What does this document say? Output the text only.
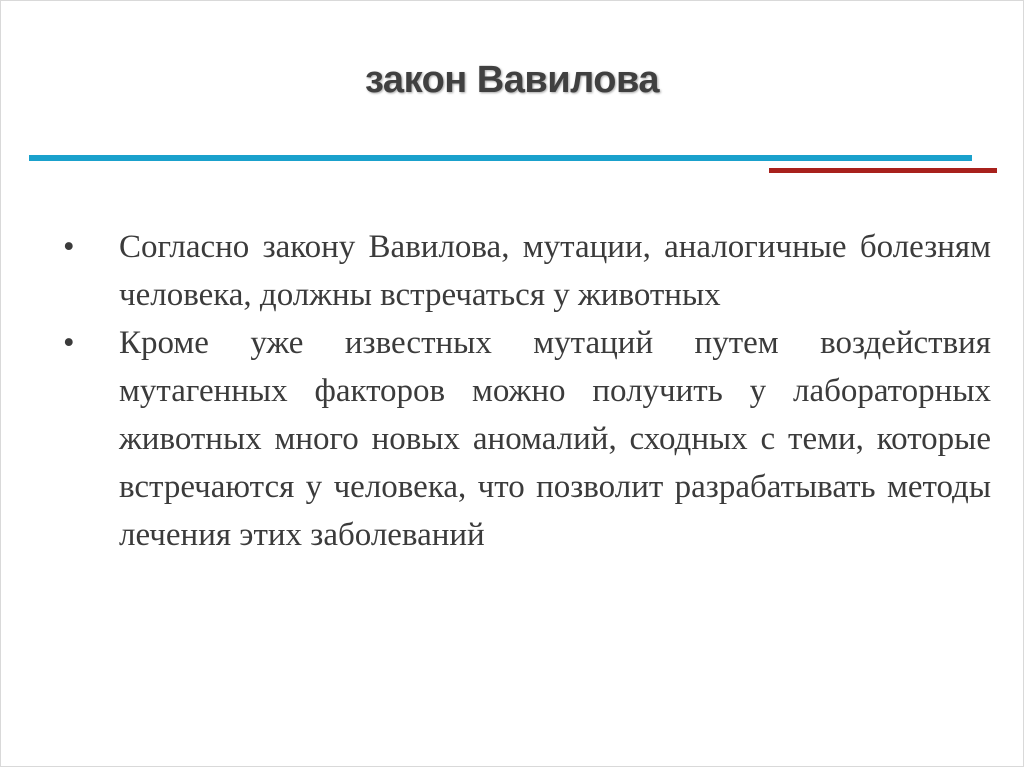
закон Вавилова
• Согласно закону Вавилова, мутации, аналогичные болезням человека, должны встречаться у животных
• Кроме уже известных мутаций путем воздействия мутагенных факторов можно получить у лабораторных животных много новых аномалий, сходных с теми, которые встречаются у человека, что позволит разрабатывать методы лечения этих заболеваний
